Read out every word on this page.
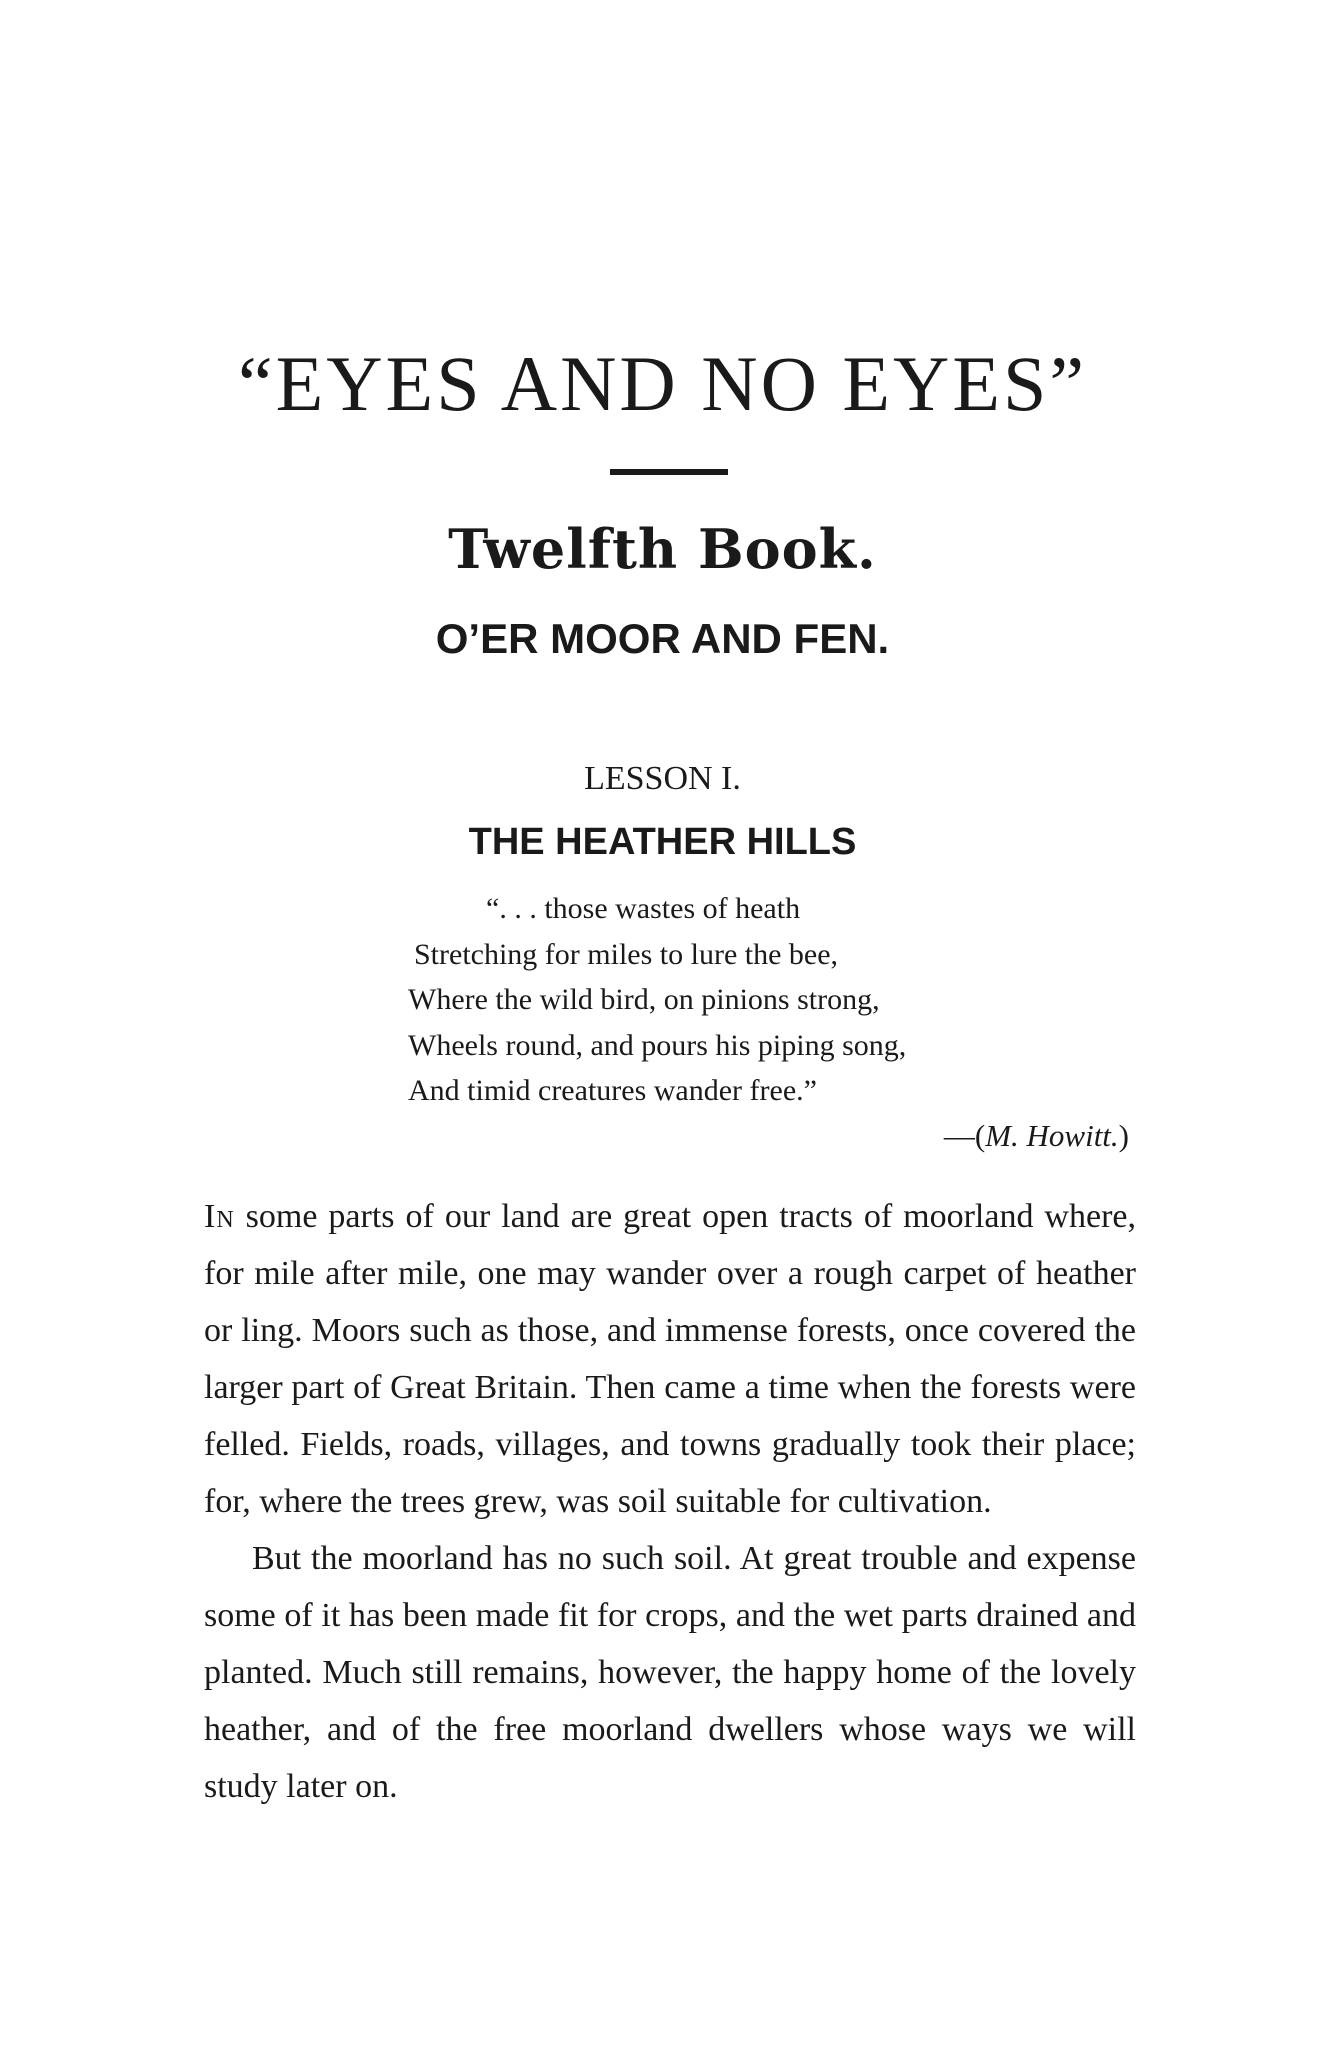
“EYES AND NO EYES”
Twelfth Book.
O’ER MOOR AND FEN.
LESSON I.
THE HEATHER HILLS
“. . . those wastes of heath
Stretching for miles to lure the bee,
Where the wild bird, on pinions strong,
Wheels round, and pours his piping song,
And timid creatures wander free.”
—(M. Howitt.)

In some parts of our land are great open tracts of moorland where, for mile after mile, one may wander over a rough carpet of heather or ling. Moors such as those, and immense forests, once covered the larger part of Great Britain. Then came a time when the forests were felled. Fields, roads, villages, and towns gradually took their place; for, where the trees grew, was soil suitable for cultivation.

But the moorland has no such soil. At great trouble and expense some of it has been made fit for crops, and the wet parts drained and planted. Much still remains, however, the happy home of the lovely heather, and of the free moorland dwellers whose ways we will study later on.
